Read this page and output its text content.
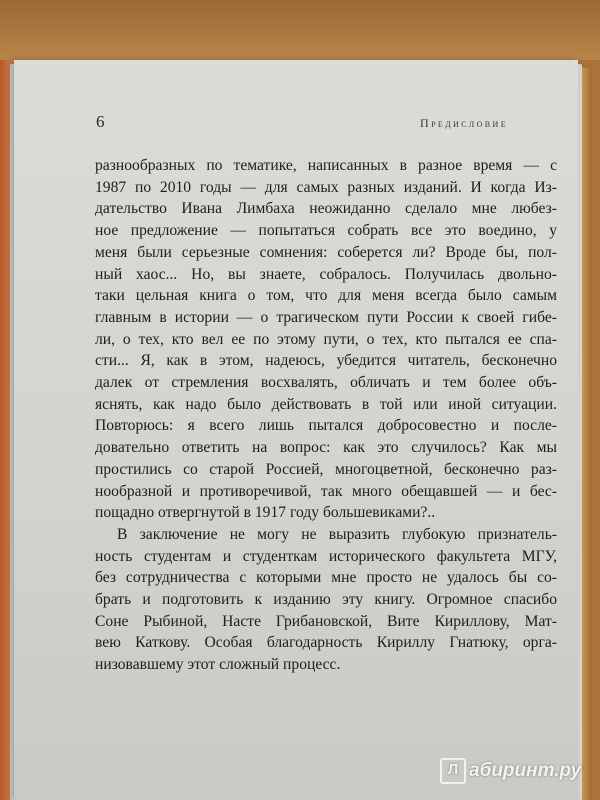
6	Предисловие
разнообразных по тематике, написанных в разное время — с
1987 по 2010 годы — для самых разных изданий. И когда Из-
дательство Ивана Лимбаха неожиданно сделало мне любез-
ное предложение — попытаться собрать все это воедино, у
меня были серьезные сомнения: соберется ли? Вроде бы, пол-
ный хаос... Но, вы знаете, собралось. Получилась двольно-
таки цельная книга о том, что для меня всегда было самым
главным в истории — о трагическом пути России к своей гибе-
ли, о тех, кто вел ее по этому пути, о тех, кто пытался ее спа-
сти... Я, как в этом, надеюсь, убедится читатель, бесконечно
далек от стремления восхвалять, обличать и тем более объ-
яснять, как надо было действовать в той или иной ситуации.
Повторюсь: я всего лишь пытался добросовестно и после-
довательно ответить на вопрос: как это случилось? Как мы
простились со старой Россией, многоцветной, бесконечно раз-
нообразной и противоречивой, так много обещавшей — и бес-
пощадно отвергнутой в 1917 году большевиками?..
В заключение не могу не выразить глубокую признатель-
ность студентам и студенткам исторического факультета МГУ,
без сотрудничества с которыми мне просто не удалось бы со-
брать и подготовить к изданию эту книгу. Огромное спасибо
Соне Рыбиной, Насте Грибановской, Вите Кириллову, Мат-
вею Каткову. Особая благодарность Кириллу Гнатюку, орга-
низовавшему этот сложный процесс.
Л абиринт.ру
